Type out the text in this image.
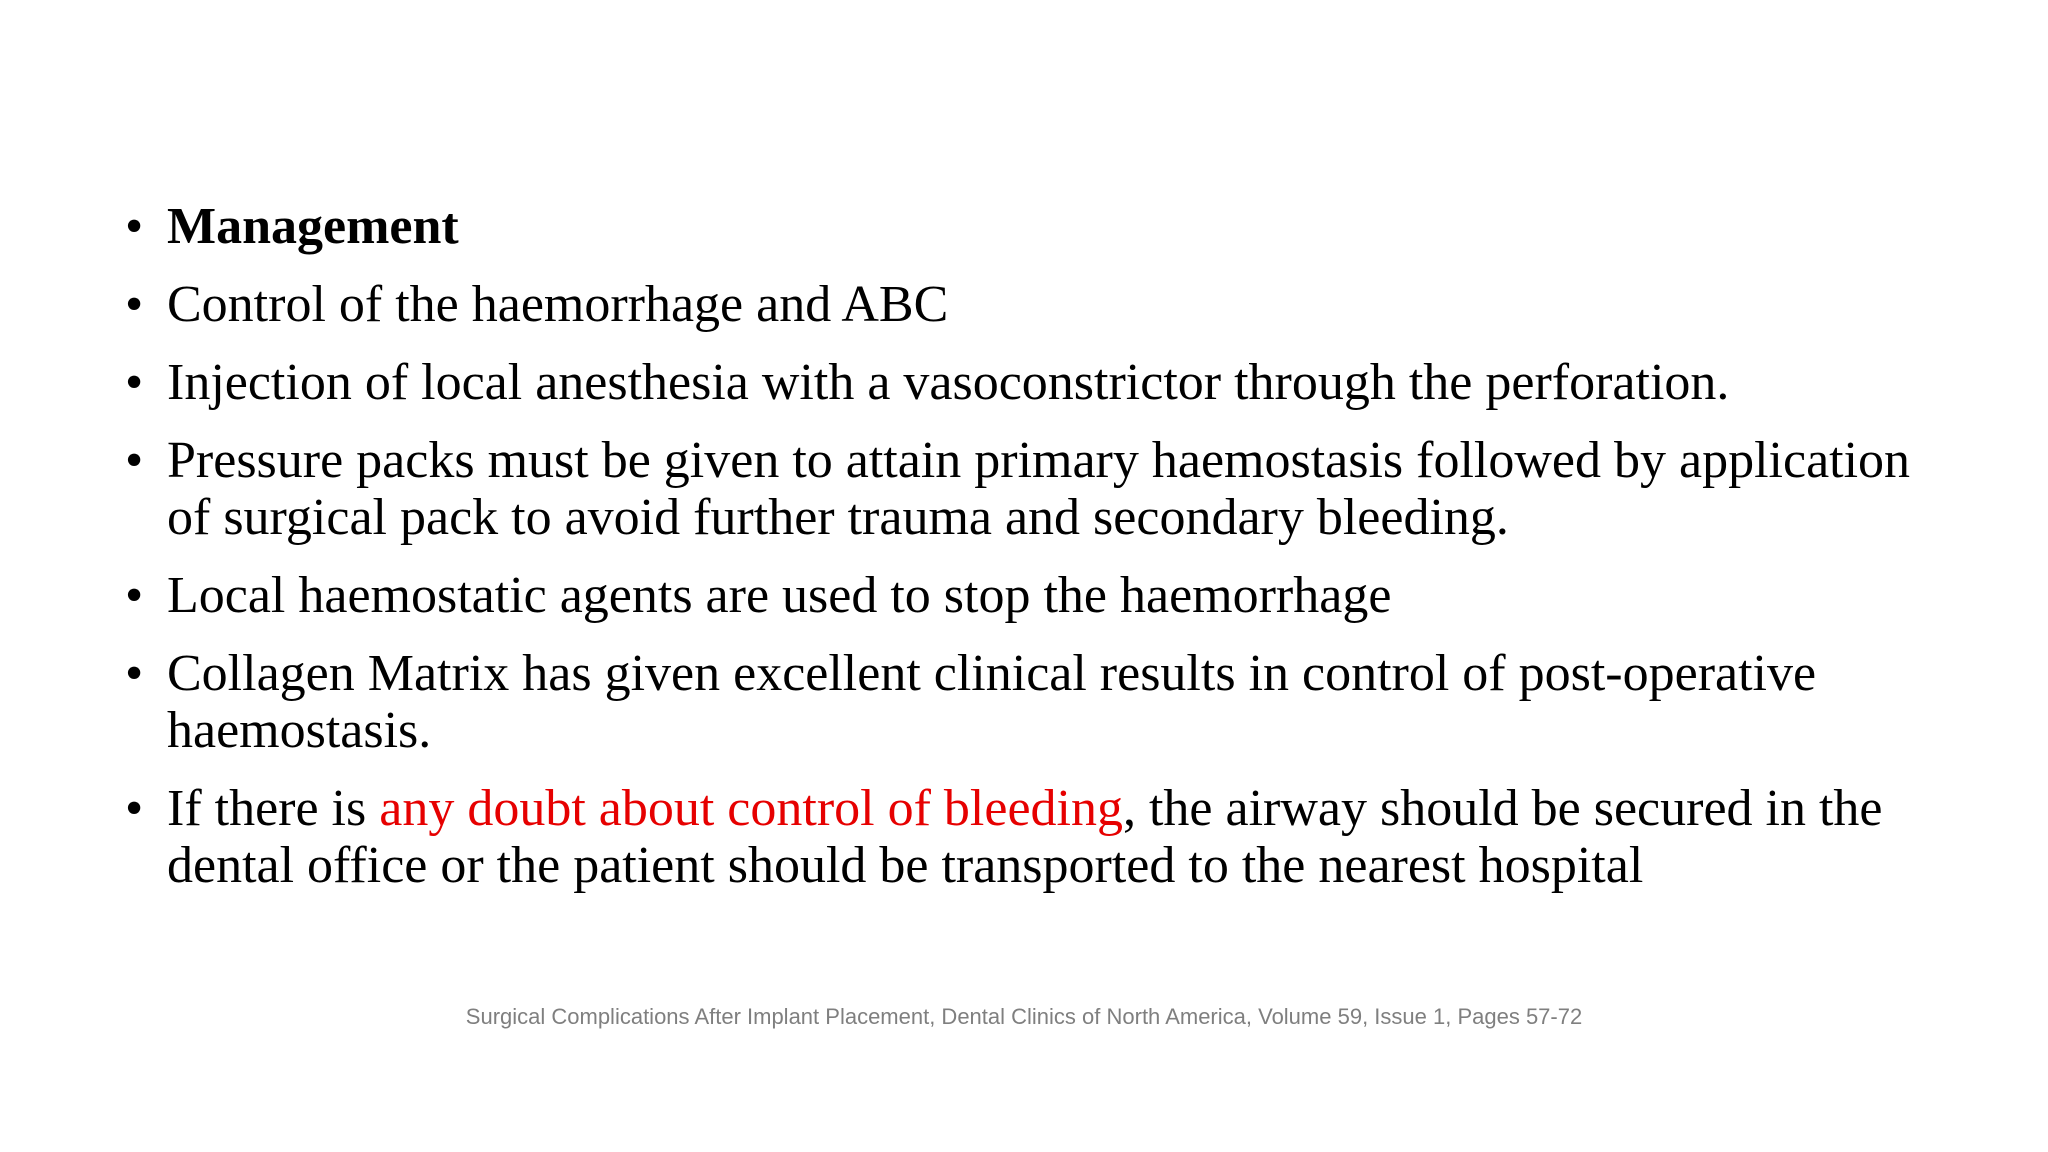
• Management
• Control of the haemorrhage and ABC
• Injection of local anesthesia with a vasoconstrictor through the perforation.
• Pressure packs must be given to attain primary haemostasis followed by application of surgical pack to avoid further trauma and secondary bleeding.
• Local haemostatic agents are used to stop the haemorrhage
• Collagen Matrix has given excellent clinical results in control of post-operative haemostasis.
• If there is any doubt about control of bleeding, the airway should be secured in the dental office or the patient should be transported to the nearest hospital

Surgical Complications After Implant Placement, Dental Clinics of North America, Volume 59, Issue 1, Pages 57-72
